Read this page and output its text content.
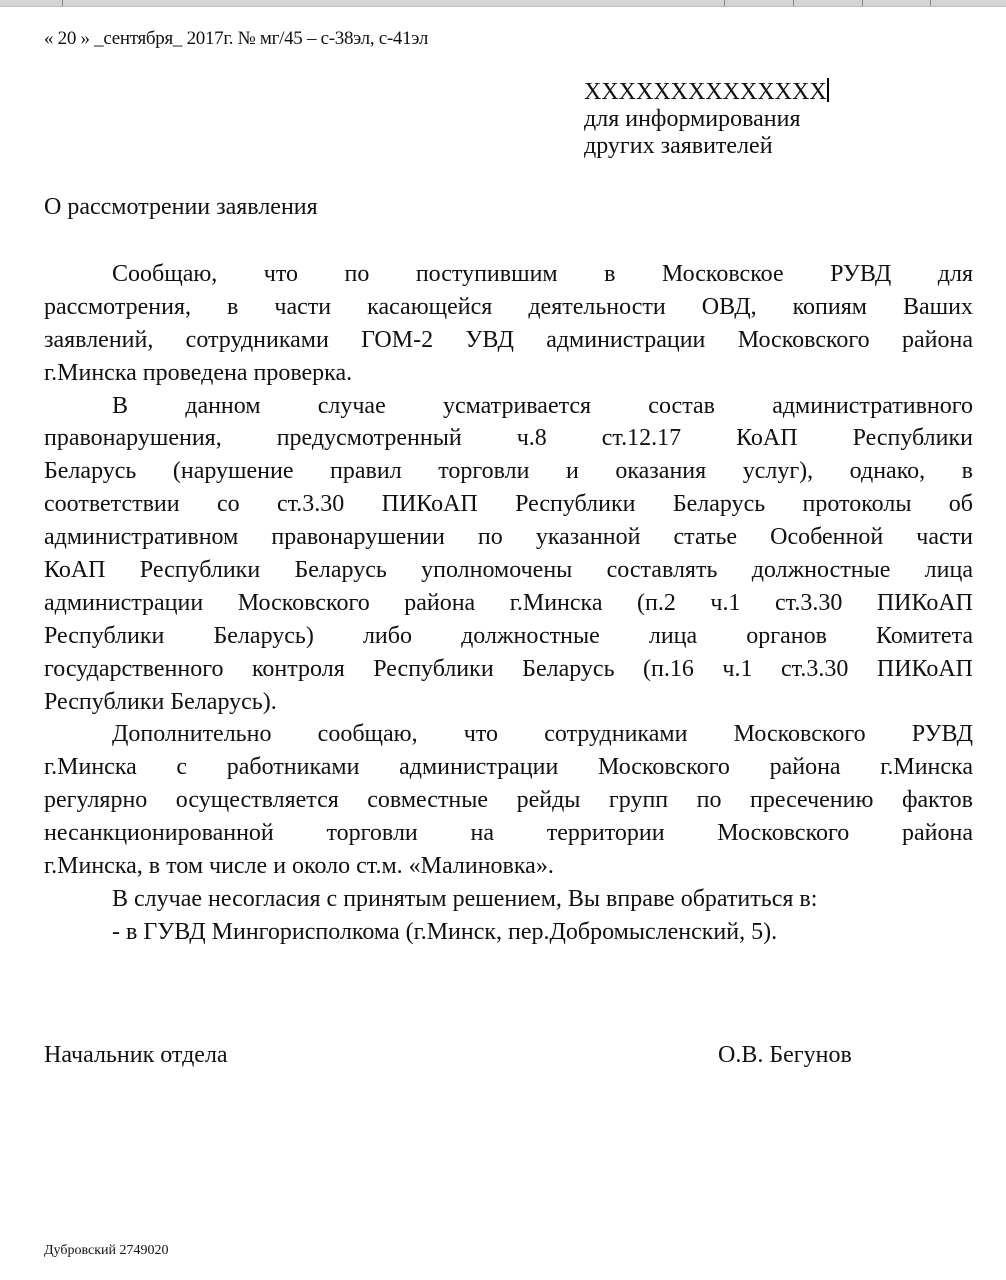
« 20 » _сентября_ 2017г. № мг/45 – с-38эл, с-41эл
XXXXXXXXXXXXXX
для информирования
других заявителей
О рассмотрении заявления
Сообщаю, что по поступившим в Московское РУВД для
рассмотрения, в части касающейся деятельности ОВД, копиям Ваших
заявлений, сотрудниками ГОМ-2 УВД администрации Московского района
г.Минска проведена проверка.
В данном случае усматривается состав административного
правонарушения, предусмотренный ч.8 ст.12.17 КоАП Республики
Беларусь (нарушение правил торговли и оказания услуг), однако, в
соответствии со ст.3.30 ПИКоАП Республики Беларусь протоколы об
административном правонарушении по указанной статье Особенной части
КоАП Республики Беларусь уполномочены составлять должностные лица
администрации Московского района г.Минска (п.2 ч.1 ст.3.30 ПИКоАП
Республики Беларусь) либо должностные лица органов Комитета
государственного контроля Республики Беларусь (п.16 ч.1 ст.3.30 ПИКоАП
Республики Беларусь).
Дополнительно сообщаю, что сотрудниками Московского РУВД
г.Минска с работниками администрации Московского района г.Минска
регулярно осуществляется совместные рейды групп по пресечению фактов
несанкционированной торговли на территории Московского района
г.Минска, в том числе и около ст.м. «Малиновка».
В случае несогласия с принятым решением, Вы вправе обратиться в:
- в ГУВД Мингорисполкома (г.Минск, пер.Добромысленский, 5).
Начальник отдела	О.В. Бегунов
Дубровский 2749020
